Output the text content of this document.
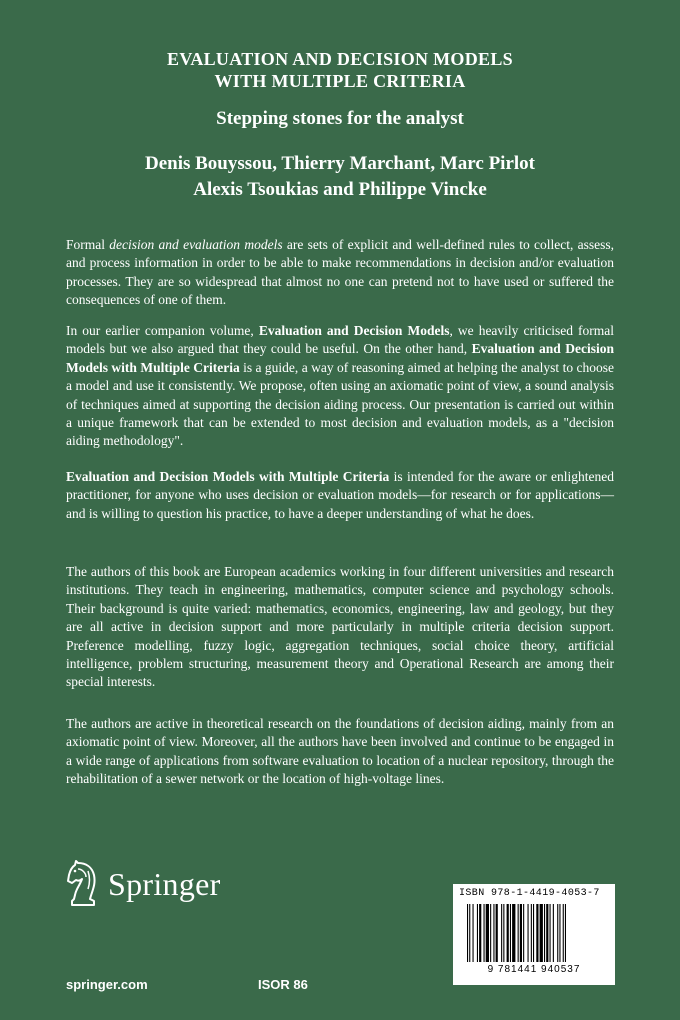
EVALUATION AND DECISION MODELS
WITH MULTIPLE CRITERIA
Stepping stones for the analyst
Denis Bouyssou, Thierry Marchant, Marc Pirlot
Alexis Tsoukias and Philippe Vincke

Formal decision and evaluation models are sets of explicit and well-defined rules to collect, assess, and process information in order to be able to make recommendations in decision and/or evaluation processes. They are so widespread that almost no one can pretend not to have used or suffered the consequences of one of them.

In our earlier companion volume, Evaluation and Decision Models, we heavily criticised formal models but we also argued that they could be useful. On the other hand, Evaluation and Decision Models with Multiple Criteria is a guide, a way of reasoning aimed at helping the analyst to choose a model and use it consistently. We propose, often using an axiomatic point of view, a sound analysis of techniques aimed at supporting the decision aiding process. Our presentation is carried out within a unique framework that can be extended to most decision and evaluation models, as a "decision aiding methodology".

Evaluation and Decision Models with Multiple Criteria is intended for the aware or enlightened practitioner, for anyone who uses decision or evaluation models—for research or for applications—and is willing to question his practice, to have a deeper understanding of what he does.

The authors of this book are European academics working in four different universities and research institutions. They teach in engineering, mathematics, computer science and psychology schools. Their background is quite varied: mathematics, economics, engineering, law and geology, but they are all active in decision support and more particularly in multiple criteria decision support. Preference modelling, fuzzy logic, aggregation techniques, social choice theory, artificial intelligence, problem structuring, measurement theory and Operational Research are among their special interests.

The authors are active in theoretical research on the foundations of decision aiding, mainly from an axiomatic point of view. Moreover, all the authors have been involved and continue to be engaged in a wide range of applications from software evaluation to location of a nuclear repository, through the rehabilitation of a sewer network or the location of high-voltage lines.

Springer
springer.com	ISOR 86
ISBN 978-1-4419-4053-7
9 781441 940537
